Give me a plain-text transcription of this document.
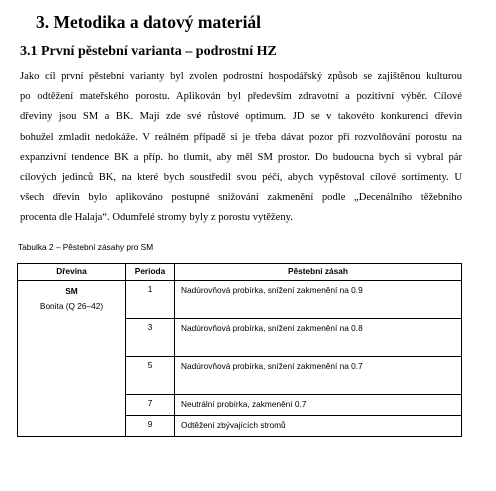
3. Metodika a datový materiál
3.1 První pěstební varianta – podrostní HZ
Jako cíl první pěstební varianty byl zvolen podrostní hospodářský způsob se zajištěnou kulturou
po odtěžení mateřského porostu. Aplikován byl především zdravotní a pozitivní výběr. Cílové
dřeviny jsou SM a BK. Mají zde své růstové optimum. JD se v takovéto konkurenci dřevin
bohužel zmladit nedokáže. V reálném případě si je třeba dávat pozor při rozvolňování porostu na
expanzivní tendence BK a příp. ho tlumit, aby měl SM prostor. Do budoucna bych si vybral pár
cílových jedinců BK, na které bych soustředil svou péči, abych vypěstoval cílové sortimenty. U
všech dřevin bylo aplikováno postupné snižování zakmenění podle „Decenálního těžebního
procenta dle Halaja“. Odumřelé stromy byly z porostu vytěženy.
Tabulka 2 – Pěstební zásahy pro SM
Dřevina	Perioda	Pěstební zásah

SM
Bonita (Q 26–42)	1	Nadúrovňová probírka, snížení zakmenění na 0.9

	3	Nadúrovňová probírka, snížení zakmenění na 0.8

	5	Nadúrovňová probírka, snížení zakmenění na 0.7

	7	Neutrální probírka, zakmenění 0.7

	9	Odtěžení zbývajících stromů
